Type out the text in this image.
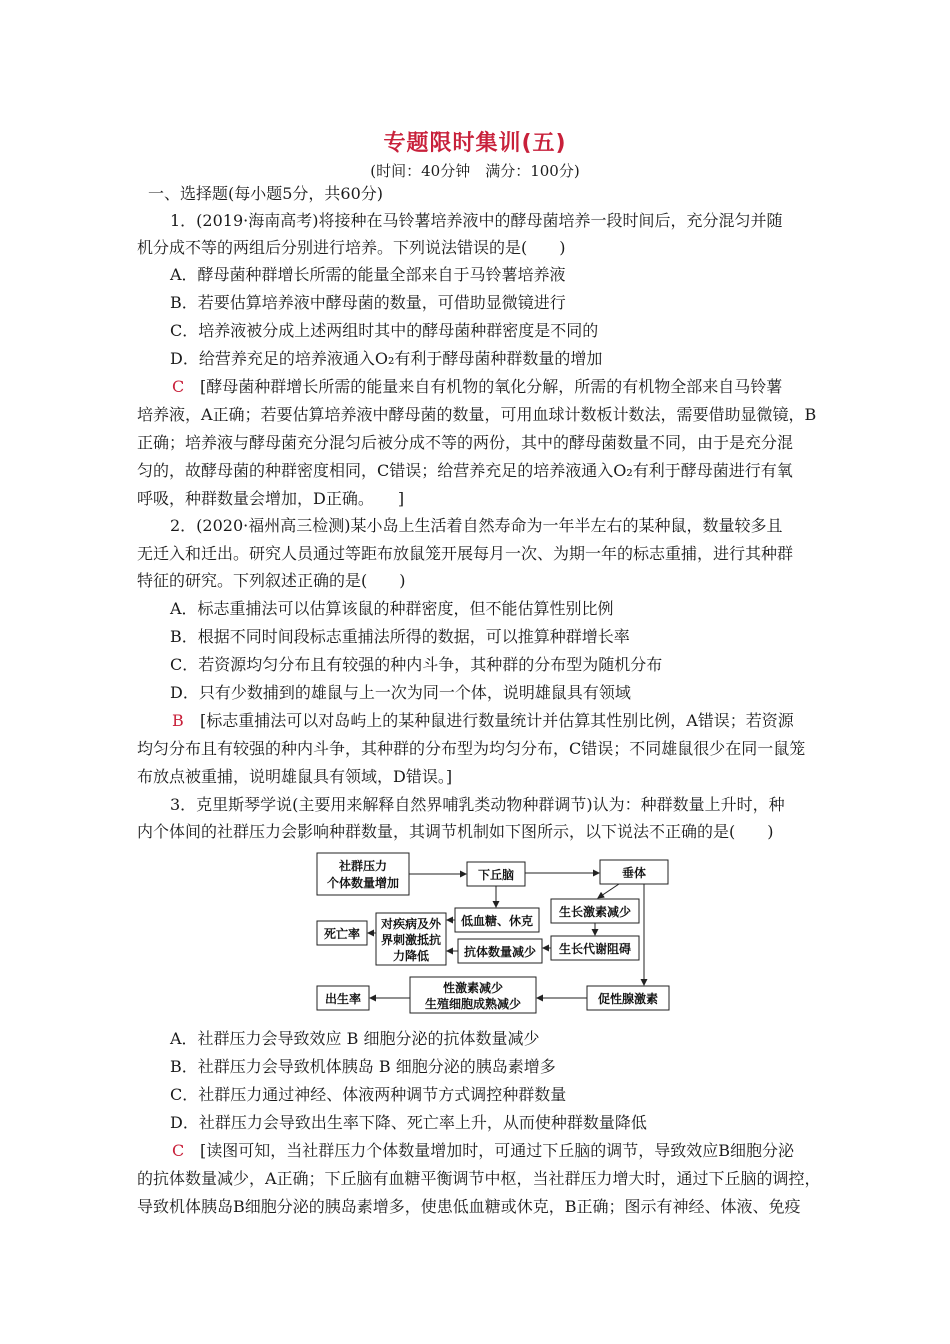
专题限时集训(五)
(时间：40分钟　满分：100分)
一、选择题(每小题5分，共60分)
1．(2019·海南高考)将接种在马铃薯培养液中的酵母菌培养一段时间后，充分混匀并随
机分成不等的两组后分别进行培养。下列说法错误的是(　　)
A．酵母菌种群增长所需的能量全部来自于马铃薯培养液
B．若要估算培养液中酵母菌的数量，可借助显微镜进行
C．培养液被分成上述两组时其中的酵母菌种群密度是不同的
D．给营养充足的培养液通入O₂有利于酵母菌种群数量的增加
C [酵母菌种群增长所需的能量来自有机物的氧化分解，所需的有机物全部来自马铃薯
培养液，A正确；若要估算培养液中酵母菌的数量，可用血球计数板计数法，需要借助显微镜，B
正确；培养液与酵母菌充分混匀后被分成不等的两份，其中的酵母菌数量不同，由于是充分混
匀的，故酵母菌的种群密度相同，C错误；给营养充足的培养液通入O₂有利于酵母菌进行有氧
呼吸，种群数量会增加，D正确。　　]
2．(2020·福州高三检测)某小岛上生活着自然寿命为一年半左右的某种鼠，数量较多且
无迁入和迁出。研究人员通过等距布放鼠笼开展每月一次、为期一年的标志重捕，进行其种群
特征的研究。下列叙述正确的是(　　)
A．标志重捕法可以估算该鼠的种群密度，但不能估算性别比例
B．根据不同时间段标志重捕法所得的数据，可以推算种群增长率
C．若资源均匀分布且有较强的种内斗争，其种群的分布型为随机分布
D．只有少数捕到的雄鼠与上一次为同一个体，说明雄鼠具有领域
B [标志重捕法可以对岛屿上的某种鼠进行数量统计并估算其性别比例，A错误；若资源
均匀分布且有较强的种内斗争，其种群的分布型为均匀分布，C错误；不同雄鼠很少在同一鼠笼
布放点被重捕，说明雄鼠具有领域，D错误。]
3．克里斯琴学说(主要用来解释自然界哺乳类动物种群调节)认为：种群数量上升时，种
内个体间的社群压力会影响种群数量，其调节机制如下图所示，以下说法不正确的是(　　)
社群压力
个体数量增加
下丘脑	垂体
低血糖、休克
对疾病及外
界刺激抵抗
力降低
死亡率
生长激素减少
抗体数量减少 生长代谢阻碍
性激素减少
生殖细胞成熟减少	促性腺激素
出生率
A．社群压力会导致效应 B 细胞分泌的抗体数量减少
B．社群压力会导致机体胰岛 B 细胞分泌的胰岛素增多
C．社群压力通过神经、体液两种调节方式调控种群数量
D．社群压力会导致出生率下降、死亡率上升，从而使种群数量降低
C [读图可知，当社群压力个体数量增加时，可通过下丘脑的调节，导致效应B细胞分泌
的抗体数量减少，A正确；下丘脑有血糖平衡调节中枢，当社群压力增大时，通过下丘脑的调控，
导致机体胰岛B细胞分泌的胰岛素增多，使患低血糖或休克，B正确；图示有神经、体液、免疫
